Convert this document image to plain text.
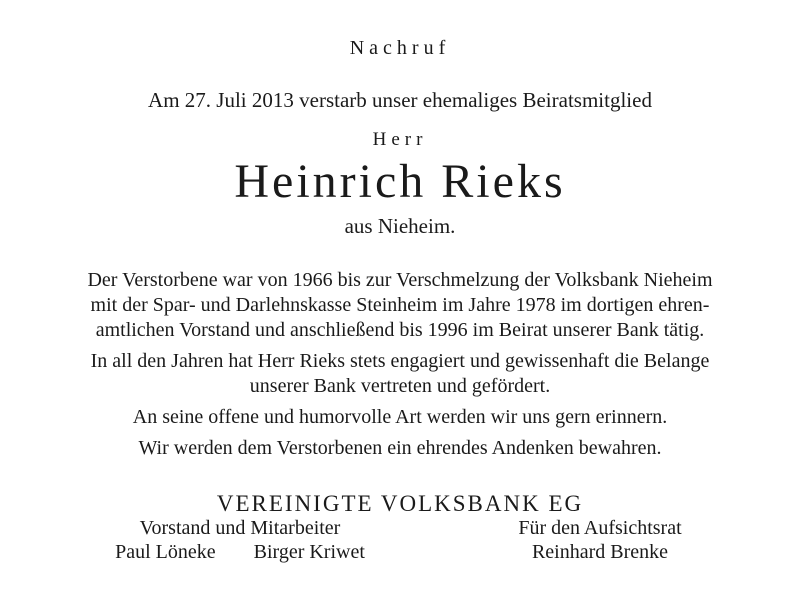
Nachruf
Am 27. Juli 2013 verstarb unser ehemaliges Beiratsmitglied
Herr
Heinrich Rieks
aus Nieheim.
Der Verstorbene war von 1966 bis zur Verschmelzung der Volksbank Nieheim
mit der Spar- und Darlehnskasse Steinheim im Jahre 1978 im dortigen ehren-
amtlichen Vorstand und anschließend bis 1996 im Beirat unserer Bank tätig.
In all den Jahren hat Herr Rieks stets engagiert und gewissenhaft die Belange
unserer Bank vertreten und gefördert.
An seine offene und humorvolle Art werden wir uns gern erinnern.
Wir werden dem Verstorbenen ein ehrendes Andenken bewahren.
VEREINIGTE VOLKSBANK EG
Vorstand und Mitarbeiter
Paul Löneke Birger Kriwet
Für den Aufsichtsrat
Reinhard Brenke
